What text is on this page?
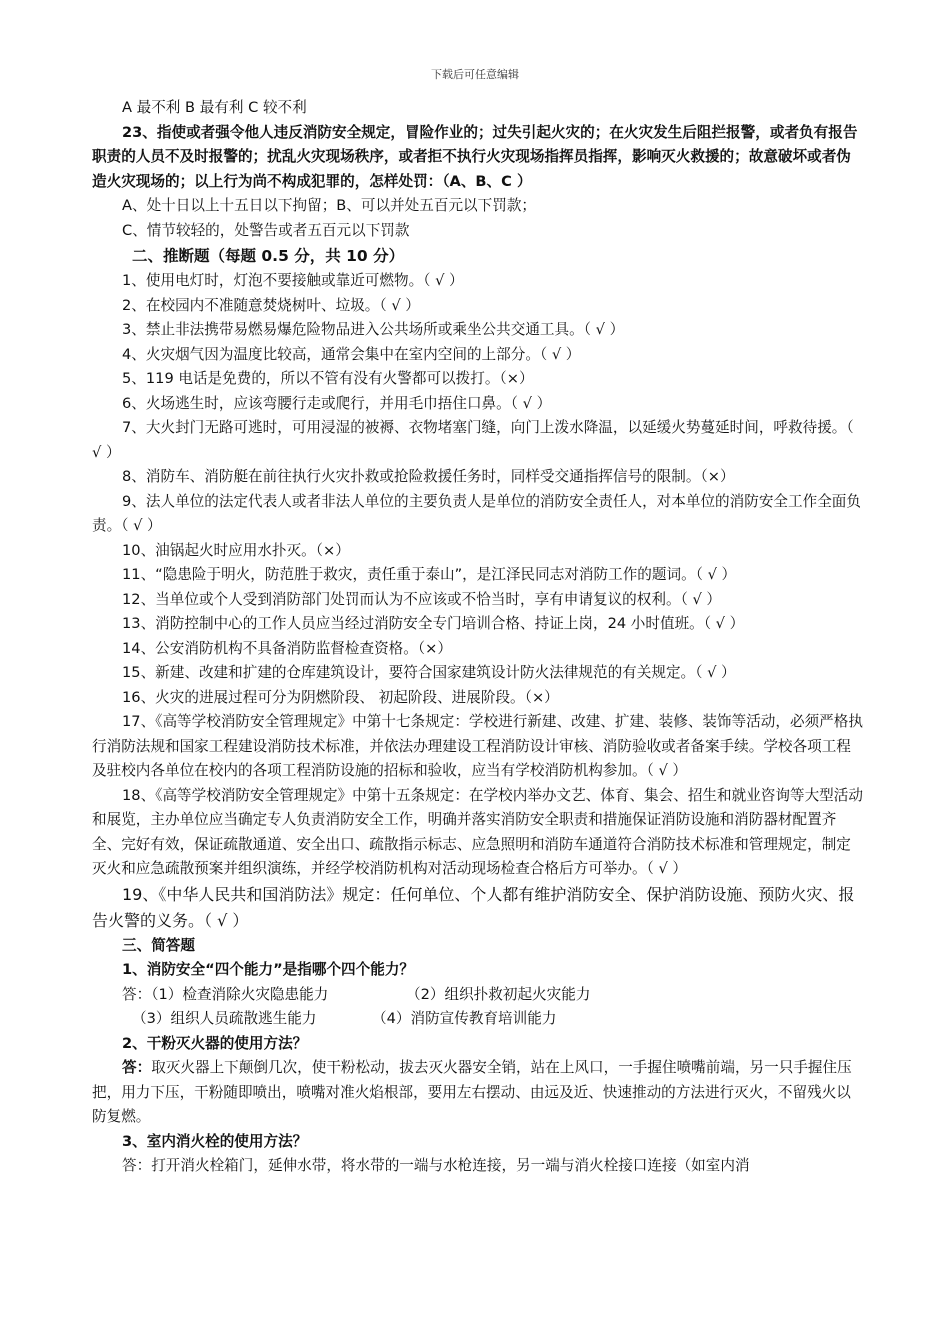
下载后可任意编辑

A 最不利 B 最有利 C 较不利

23、指使或者强令他人违反消防安全规定，冒险作业的；过失引起火灾的；在火灾发生后阻拦报警，或者负有报告职责的人员不及时报警的；扰乱火灾现场秩序，或者拒不执行火灾现场指挥员指挥，影响灭火救援的；故意破坏或者伪造火灾现场的；以上行为尚不构成犯罪的，怎样处罚：（A、B、C ）

A、处十日以上十五日以下拘留；B、可以并处五百元以下罚款；

C、情节较轻的，处警告或者五百元以下罚款

二、推断题（每题 0.5 分，共 10 分）

1、使用电灯时，灯泡不要接触或靠近可燃物。（ √ ）

2、在校园内不准随意焚烧树叶、垃圾。（ √ ）

3、禁止非法携带易燃易爆危险物品进入公共场所或乘坐公共交通工具。（ √ ）

4、火灾烟气因为温度比较高，通常会集中在室内空间的上部分。（ √ ）

5、119 电话是免费的，所以不管有没有火警都可以拨打。（×）

6、火场逃生时，应该弯腰行走或爬行，并用毛巾捂住口鼻。（ √ ）

7、大火封门无路可逃时，可用浸湿的被褥、衣物堵塞门缝，向门上泼水降温，以延缓火势蔓延时间，呼救待援。（ √ ）

8、消防车、消防艇在前往执行火灾扑救或抢险救援任务时，同样受交通指挥信号的限制。（×）

9、法人单位的法定代表人或者非法人单位的主要负责人是单位的消防安全责任人，对本单位的消防安全工作全面负责。（ √ ）

10、油锅起火时应用水扑灭。（×）

11、“隐患险于明火，防范胜于救灾，责任重于泰山”，是江泽民同志对消防工作的题词。（ √ ）

12、当单位或个人受到消防部门处罚而认为不应该或不恰当时，享有申请复议的权利。（ √ ）

13、消防控制中心的工作人员应当经过消防安全专门培训合格、持证上岗，24 小时值班。（ √ ）

14、公安消防机构不具备消防监督检查资格。（×）

15、新建、改建和扩建的仓库建筑设计，要符合国家建筑设计防火法律规范的有关规定。（ √ ）

16、火灾的进展过程可分为阴燃阶段、 初起阶段、进展阶段。（×）

17、《高等学校消防安全管理规定》中第十七条规定：学校进行新建、改建、扩建、装修、装饰等活动，必须严格执行消防法规和国家工程建设消防技术标准，并依法办理建设工程消防设计审核、消防验收或者备案手续。学校各项工程及驻校内各单位在校内的各项工程消防设施的招标和验收，应当有学校消防机构参加。（ √ ）

18、《高等学校消防安全管理规定》中第十五条规定：在学校内举办文艺、体育、集会、招生和就业咨询等大型活动和展览，主办单位应当确定专人负责消防安全工作，明确并落实消防安全职责和措施保证消防设施和消防器材配置齐全、完好有效，保证疏散通道、安全出口、疏散指示标志、应急照明和消防车通道符合消防技术标准和管理规定，制定灭火和应急疏散预案并组织演练，并经学校消防机构对活动现场检查合格后方可举办。（ √ ）

19、《中华人民共和国消防法》规定：任何单位、个人都有维护消防安全、保护消防设施、预防火灾、报告火警的义务。（ √ ）

三、简答题

1、消防安全“四个能力”是指哪个四个能力？

答：（1）检查消除火灾隐患能力	（2）组织扑救初起火灾能力
（3）组织人员疏散逃生能力	（4）消防宣传教育培训能力

2、干粉灭火器的使用方法？

答：取灭火器上下颠倒几次，使干粉松动，拔去灭火器安全销，站在上风口，一手握住喷嘴前端，另一只手握住压把，用力下压，干粉随即喷出，喷嘴对准火焰根部，要用左右摆动、由远及近、快速推动的方法进行灭火，不留残火以防复燃。

3、室内消火栓的使用方法？

答：打开消火栓箱门，延伸水带，将水带的一端与水枪连接，另一端与消火栓接口连接（如室内消
